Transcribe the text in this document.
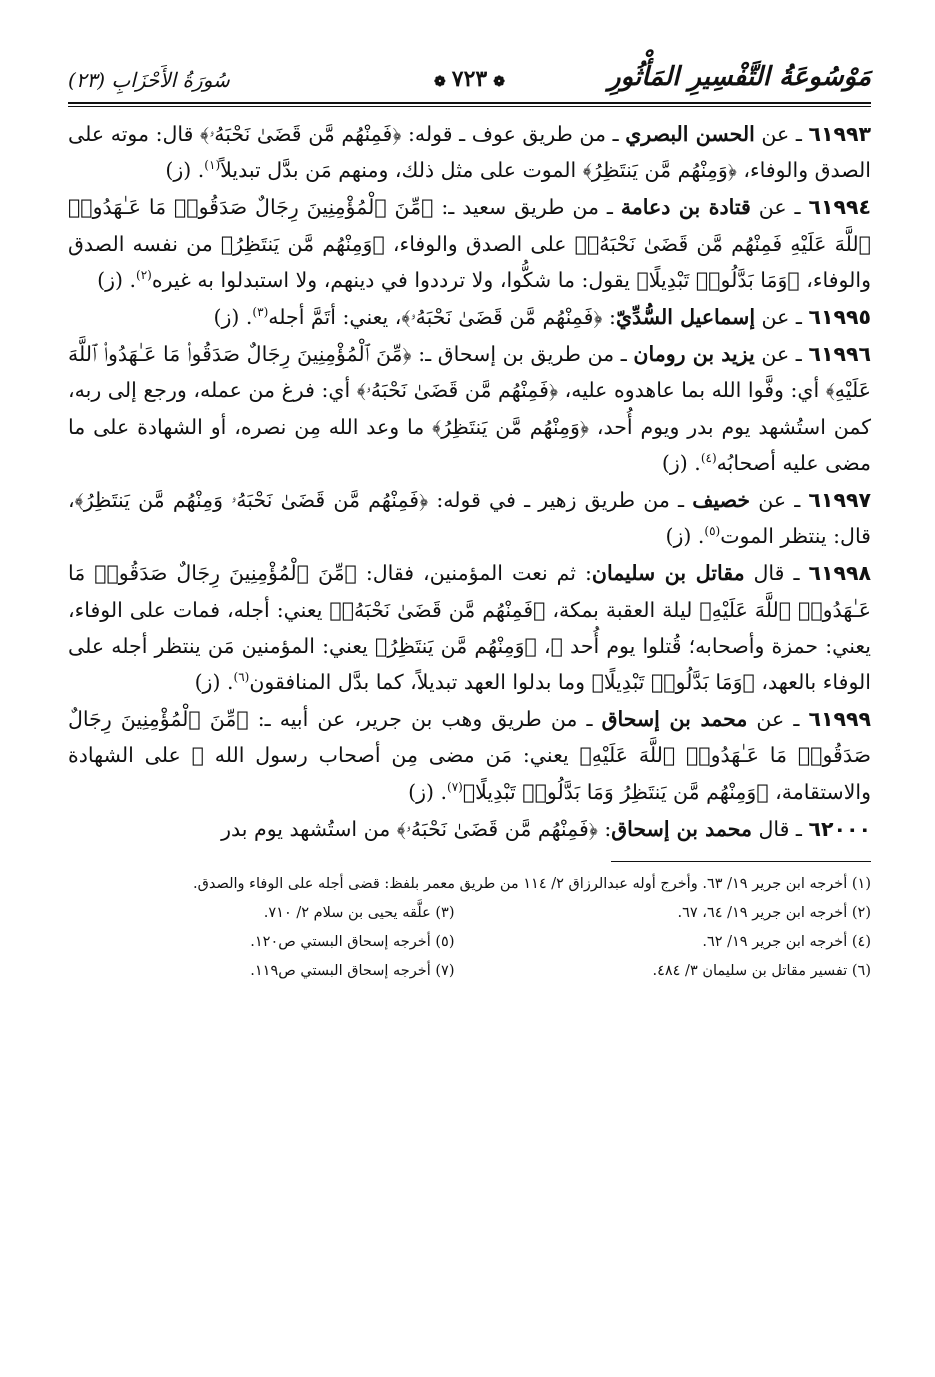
مَوْسُوعَةُ التَّفْسِيرِ المَأْثُورِ
❁٧٢٣❁
سُورَةُ الأَحْزَابِ (٢٣)

٦١٩٩٣ ـ عن الحسن البصري ـ من طريق عوف ـ قوله: ﴿فَمِنْهُم مَّن قَضَىٰ نَحْبَهُۥ﴾ قال: موته على الصدق والوفاء، ﴿وَمِنْهُم مَّن يَنتَظِرُ﴾ الموت على مثل ذلك، ومنهم مَن بدَّل تبديلاً$^{(١)}$. (ز)

٦١٩٩٤ ـ عن قتادة بن دعامة ـ من طريق سعيد ـ: ﴿مِّنَ ٱلْمُؤْمِنِينَ رِجَالٌ صَدَقُوا۟ مَا عَـٰهَدُوا۟ ٱللَّهَ عَلَيْهِ فَمِنْهُم مَّن قَضَىٰ نَحْبَهُۥ﴾ على الصدق والوفاء، ﴿وَمِنْهُم مَّن يَنتَظِرُ﴾ من نفسه الصدق والوفاء، ﴿وَمَا بَدَّلُوا۟ تَبْدِيلًا﴾ يقول: ما شكُّوا، ولا ترددوا في دينهم، ولا استبدلوا به غيره$^{(٢)}$. (ز)

٦١٩٩٥ ـ عن إسماعيل السُّدِّيّ: ﴿فَمِنْهُم مَّن قَضَىٰ نَحْبَهُۥ﴾، يعني: أتَمَّ أجله$^{(٣)}$. (ز)

٦١٩٩٦ ـ عن يزيد بن رومان ـ من طريق بن إسحاق ـ: ﴿مِّنَ ٱلْمُؤْمِنِينَ رِجَالٌ صَدَقُوا۟ مَا عَـٰهَدُوا۟ ٱللَّهَ عَلَيْهِ﴾ أي: وفَّوا الله بما عاهدوه عليه، ﴿فَمِنْهُم مَّن قَضَىٰ نَحْبَهُۥ﴾ أي: فرغ من عمله، ورجع إلى ربه، كمن استُشهد يوم بدر ويوم أُحد، ﴿وَمِنْهُم مَّن يَنتَظِرُ﴾ ما وعد الله مِن نصره، أو الشهادة على ما مضى عليه أصحابُه$^{(٤)}$. (ز)

٦١٩٩٧ ـ عن خصيف ـ من طريق زهير ـ في قوله: ﴿فَمِنْهُم مَّن قَضَىٰ نَحْبَهُۥ وَمِنْهُم مَّن يَنتَظِرُ﴾، قال: ينتظر الموت$^{(٥)}$. (ز)

٦١٩٩٨ ـ قال مقاتل بن سليمان: ثم نعت المؤمنين، فقال: ﴿مِّنَ ٱلْمُؤْمِنِينَ رِجَالٌ صَدَقُوا۟ مَا عَـٰهَدُوا۟ ٱللَّهَ عَلَيْهِ﴾ ليلة العقبة بمكة، ﴿فَمِنْهُم مَّن قَضَىٰ نَحْبَهُۥ﴾ يعني: أجله، فمات على الوفاء، يعني: حمزة وأصحابه؛ قُتلوا يوم أُحد ﷺ، ﴿وَمِنْهُم مَّن يَنتَظِرُ﴾ يعني: المؤمنين مَن ينتظر أجله على الوفاء بالعهد، ﴿وَمَا بَدَّلُوا۟ تَبْدِيلًا﴾ وما بدلوا العهد تبديلاً، كما بدَّل المنافقون$^{(٦)}$. (ز)

٦١٩٩٩ ـ عن محمد بن إسحاق ـ من طريق وهب بن جرير، عن أبيه ـ: ﴿مِّنَ ٱلْمُؤْمِنِينَ رِجَالٌ صَدَقُوا۟ مَا عَـٰهَدُوا۟ ٱللَّهَ عَلَيْهِ﴾ يعني: مَن مضى مِن أصحاب رسول الله ﷺ على الشهادة والاستقامة، ﴿وَمِنْهُم مَّن يَنتَظِرُ وَمَا بَدَّلُوا۟ تَبْدِيلًا﴾$^{(٧)}$. (ز)

٦٢٠٠٠ ـ قال محمد بن إسحاق: ﴿فَمِنْهُم مَّن قَضَىٰ نَحْبَهُۥ﴾ من استُشهد يوم بدر

(١) أخرجه ابن جرير ١٩/ ٦٣. وأخرج أوله عبدالرزاق ٢/ ١١٤ من طريق معمر بلفظ: قضى أجله على الوفاء والصدق.

(٢) أخرجه ابن جرير ١٩/ ٦٤، ٦٧.
(٣) علَّقه يحيى بن سلام ٢/ ٧١٠.
(٤) أخرجه ابن جرير ١٩/ ٦٢.
(٥) أخرجه إسحاق البستي ص١٢٠.
(٦) تفسير مقاتل بن سليمان ٣/ ٤٨٤.
(٧) أخرجه إسحاق البستي ص١١٩.
